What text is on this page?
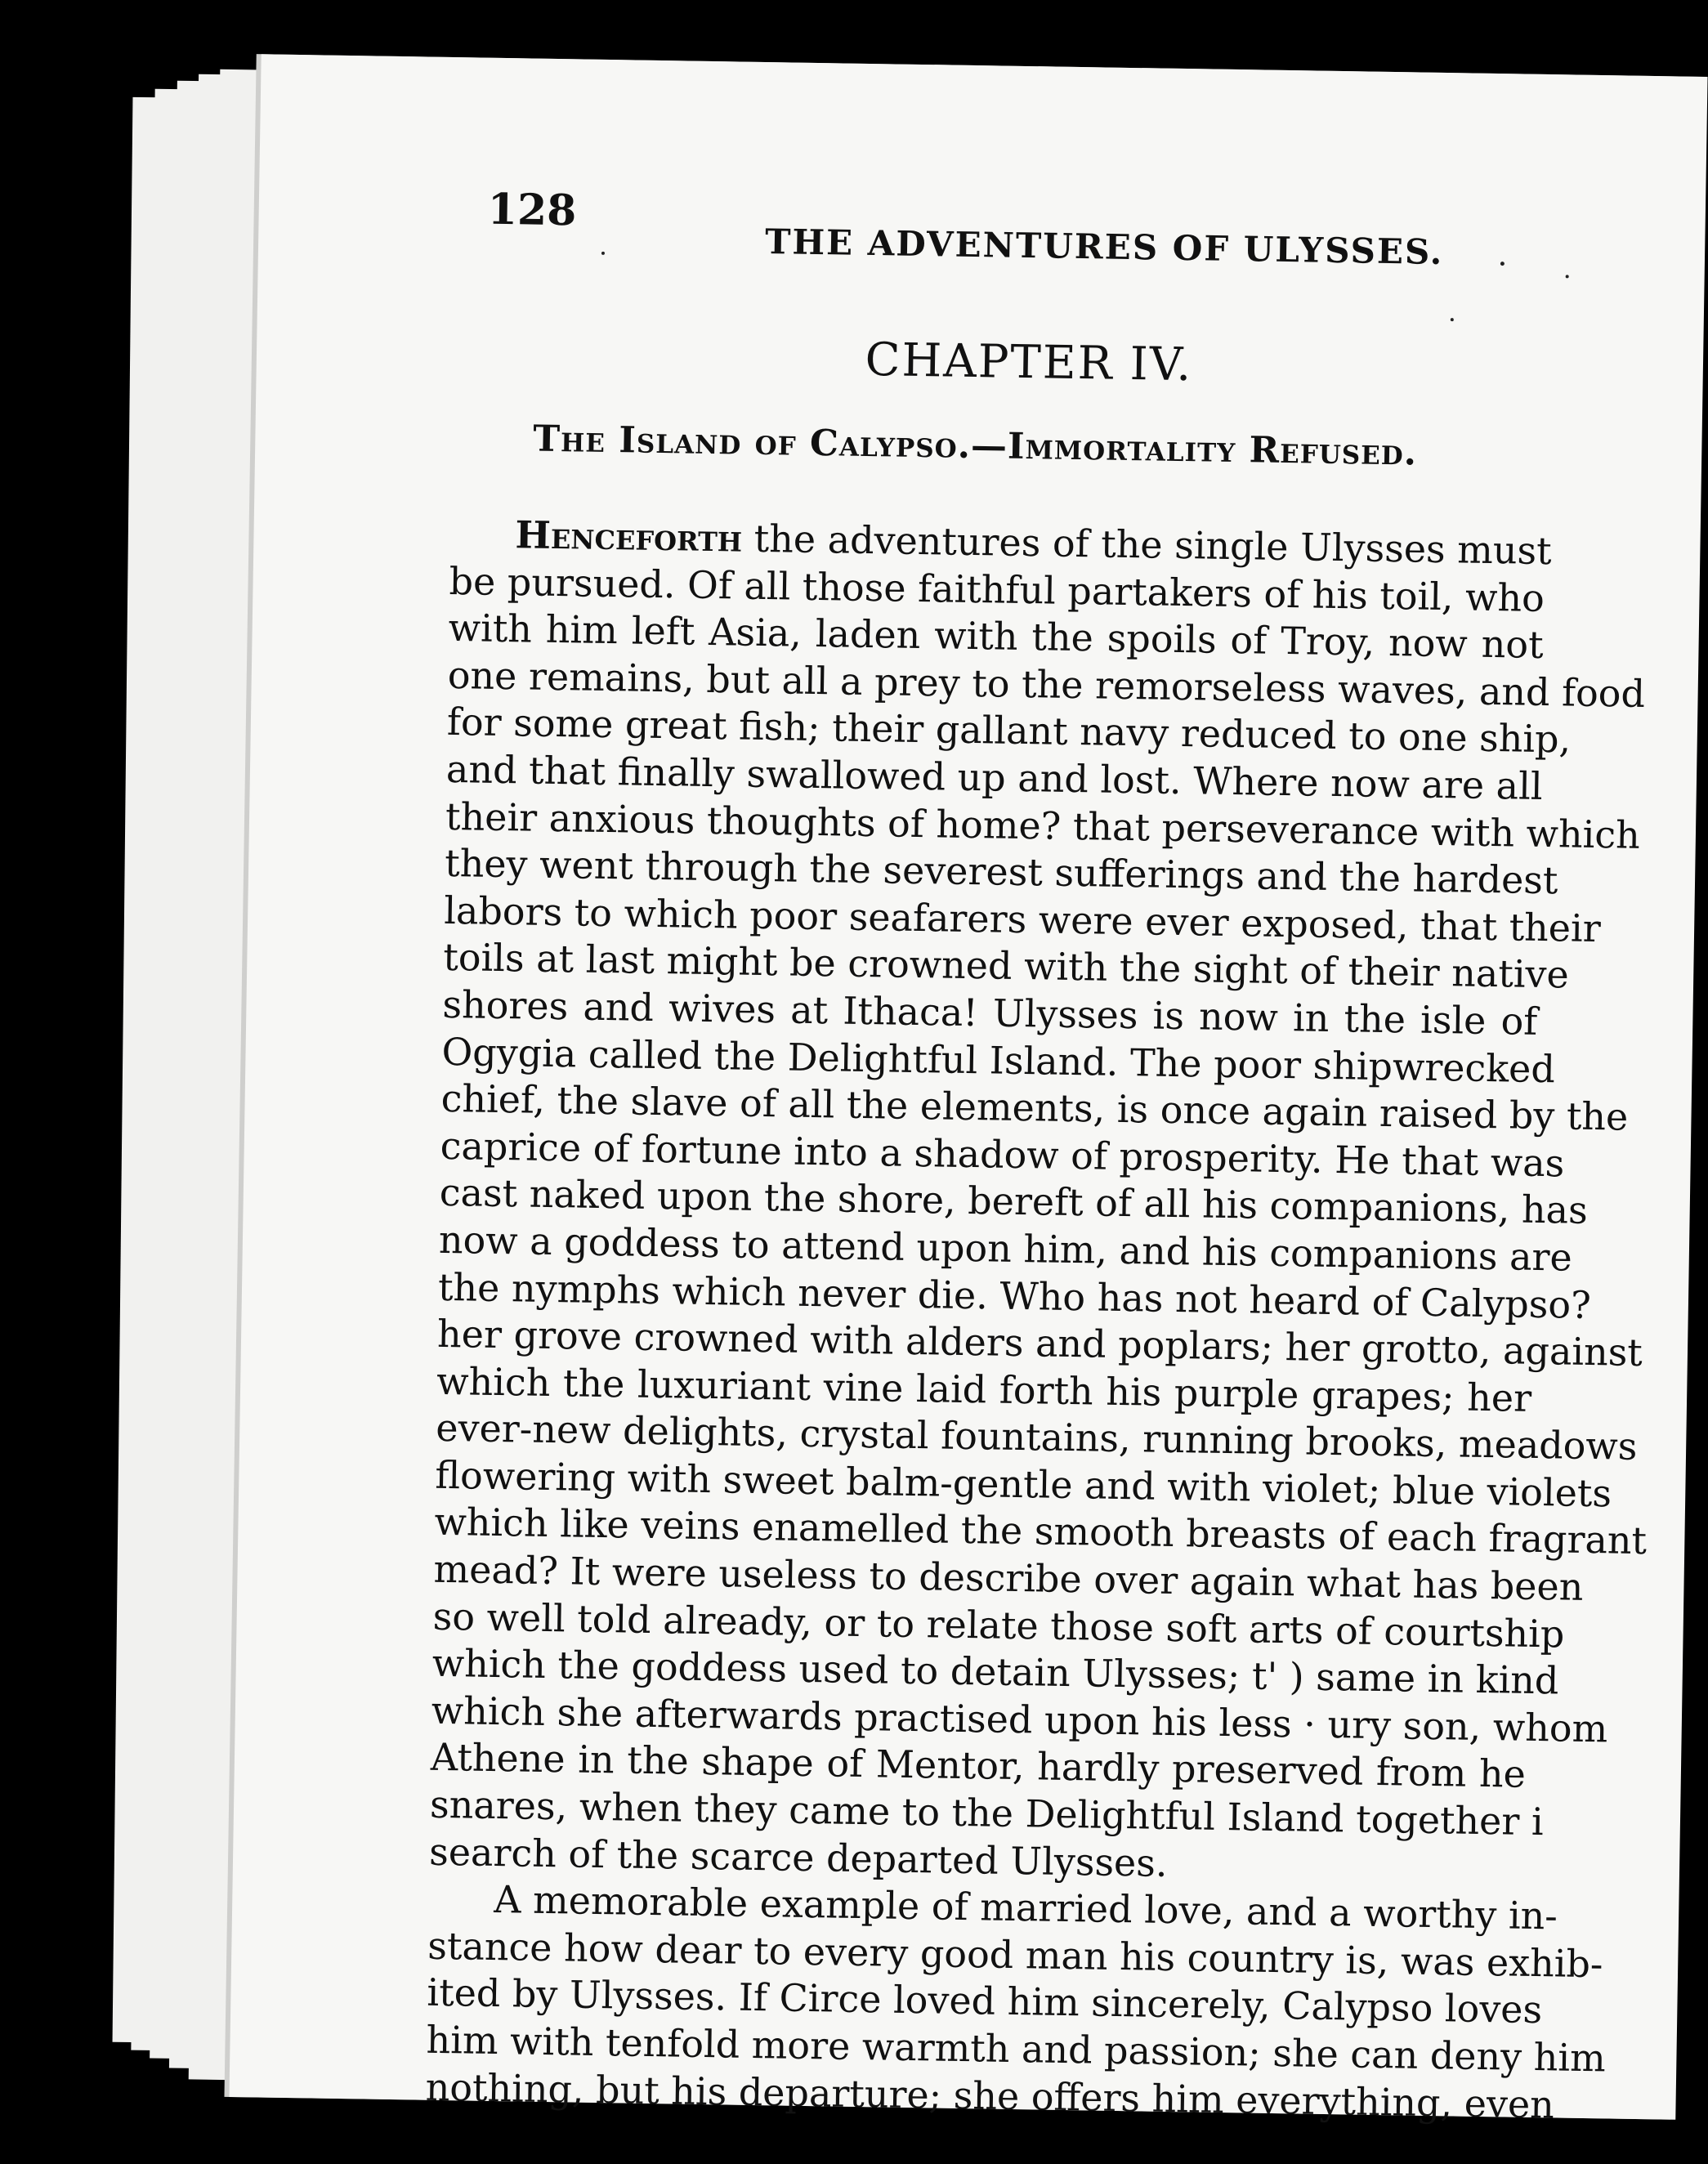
128
THE ADVENTURES OF ULYSSES.
CHAPTER IV.
The Island of Calypso.—Immortality Refused.

Henceforth the adventures of the single Ulysses must
be pursued. Of all those faithful partakers of his toil, who
with him left Asia, laden with the spoils of Troy, now not
one remains, but all a prey to the remorseless waves, and food
for some great fish; their gallant navy reduced to one ship,
and that finally swallowed up and lost. Where now are all
their anxious thoughts of home? that perseverance with which
they went through the severest sufferings and the hardest
labors to which poor seafarers were ever exposed, that their
toils at last might be crowned with the sight of their native
shores and wives at Ithaca! Ulysses is now in the isle of
Ogygia called the Delightful Island. The poor shipwrecked
chief, the slave of all the elements, is once again raised by the
caprice of fortune into a shadow of prosperity. He that was
cast naked upon the shore, bereft of all his companions, has
now a goddess to attend upon him, and his companions are
the nymphs which never die. Who has not heard of Calypso?
her grove crowned with alders and poplars; her grotto, against
which the luxuriant vine laid forth his purple grapes; her
ever-new delights, crystal fountains, running brooks, meadows
flowering with sweet balm-gentle and with violet; blue violets
which like veins enamelled the smooth breasts of each fragrant
mead? It were useless to describe over again what has been
so well told already, or to relate those soft arts of courtship
which the goddess used to detain Ulysses; t' ) same in kind
which she afterwards practised upon his less · ury son, whom
Athene in the shape of Mentor, hardly preserved from he
snares, when they came to the Delightful Island together i
search of the scarce departed Ulysses.

A memorable example of married love, and a worthy in-
stance how dear to every good man his country is, was exhib-
ited by Ulysses. If Circe loved him sincerely, Calypso loves
him with tenfold more warmth and passion; she can deny him
nothing, but his departure; she offers him everything, even
